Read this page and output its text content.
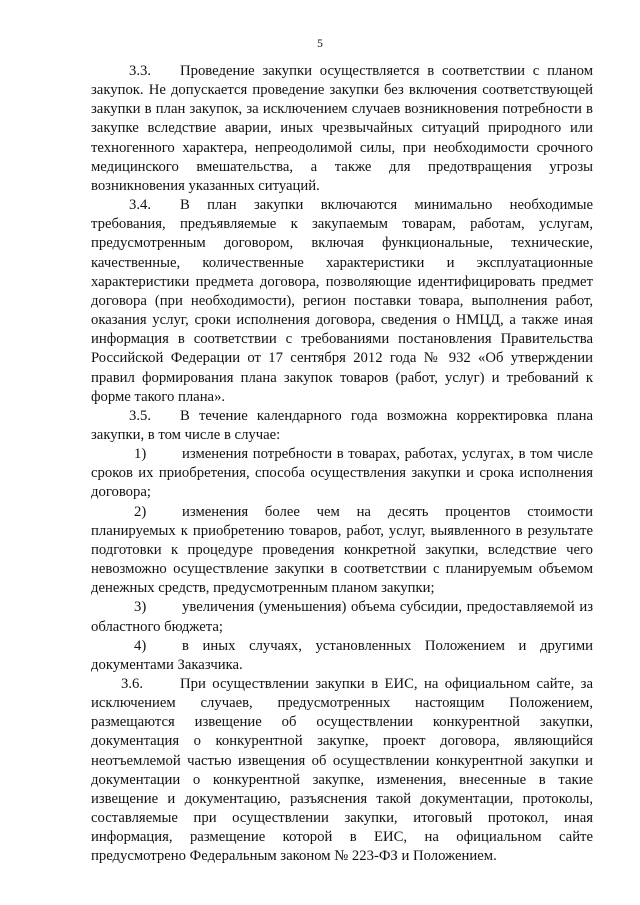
5

3.3. Проведение закупки осуществляется в соответствии с планом закупок. Не допускается проведение закупки без включения соответствующей закупки в план закупок, за исключением случаев возникновения потребности в закупке вследствие аварии, иных чрезвычайных ситуаций природного или техногенного характера, непреодолимой силы, при необходимости срочного медицинского вмешательства, а также для предотвращения угрозы возникновения указанных ситуаций.

3.4. В план закупки включаются минимально необходимые требования, предъявляемые к закупаемым товарам, работам, услугам, предусмотренным договором, включая функциональные, технические, качественные, количественные характеристики и эксплуатационные характеристики предмета договора, позволяющие идентифицировать предмет договора (при необходимости), регион поставки товара, выполнения работ, оказания услуг, сроки исполнения договора, сведения о НМЦД, а также иная информация в соответствии с требованиями постановления Правительства Российской Федерации от 17 сентября 2012 года № 932 «Об утверждении правил формирования плана закупок товаров (работ, услуг) и требований к форме такого плана».

3.5. В течение календарного года возможна корректировка плана закупки, в том числе в случае:

1) изменения потребности в товарах, работах, услугах, в том числе сроков их приобретения, способа осуществления закупки и срока исполнения договора;

2) изменения более чем на десять процентов стоимости планируемых к приобретению товаров, работ, услуг, выявленного в результате подготовки к процедуре проведения конкретной закупки, вследствие чего невозможно осуществление закупки в соответствии с планируемым объемом денежных средств, предусмотренным планом закупки;

3) увеличения (уменьшения) объема субсидии, предоставляемой из областного бюджета;

4) в иных случаях, установленных Положением и другими документами Заказчика.

3.6.	При осуществлении закупки в ЕИС, на официальном сайте, за исключением случаев, предусмотренных настоящим Положением, размещаются извещение об осуществлении конкурентной закупки, документация о конкурентной закупке, проект договора, являющийся неотъемлемой частью извещения об осуществлении конкурентной закупки и документации о конкурентной закупке, изменения, внесенные в такие извещение и документацию, разъяснения такой документации, протоколы, составляемые при осуществлении закупки, итоговый протокол, иная информация, размещение которой в ЕИС, на официальном сайте предусмотрено Федеральным законом № 223-ФЗ и Положением.
